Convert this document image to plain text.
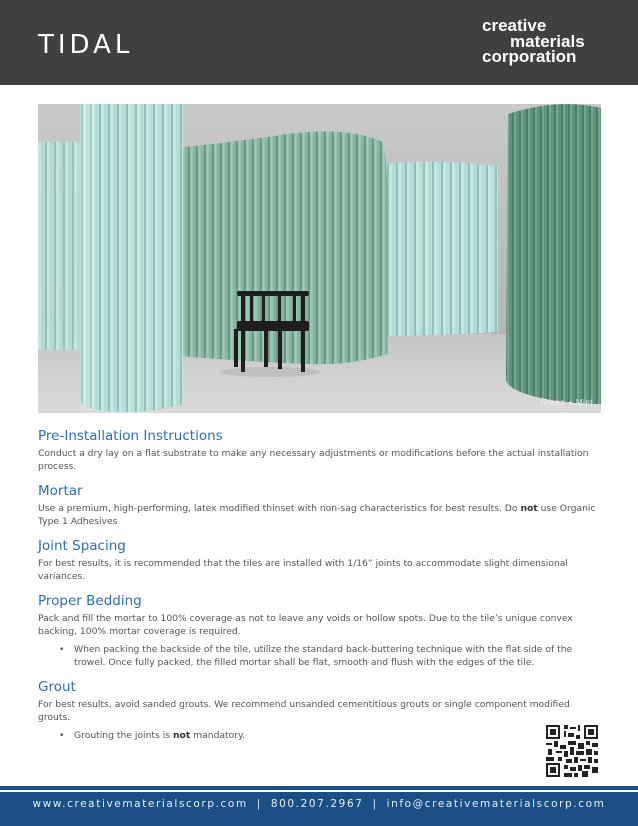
TIDAL
creative
materials
corporation
Green + Mint
Pre-Installation Instructions

Conduct a dry lay on a flat substrate to make any necessary adjustments or modifications before the actual installation process.

Mortar

Use a premium, high-performing, latex modified thinset with non-sag characteristics for best results. Do not use Organic Type 1 Adhesives

Joint Spacing

For best results, it is recommended that the tiles are installed with 1/16” joints to accommodate slight dimensional variances.

Proper Bedding

Pack and fill the mortar to 100% coverage as not to leave any voids or hollow spots. Due to the tile’s unique convex backing, 100% mortar coverage is required.

• When packing the backside of the tile, utilize the standard back-buttering technique with the flat side of the trowel. Once fully packed, the filled mortar shall be flat, smooth and flush with the edges of the tile.
Grout

For best results, avoid sanded grouts. We recommend unsanded cementitious grouts or single component modified grouts.

• Grouting the joints is not mandatory.
www.creativematerialscorp.com | 800.207.2967 | info@creativematerialscorp.com
